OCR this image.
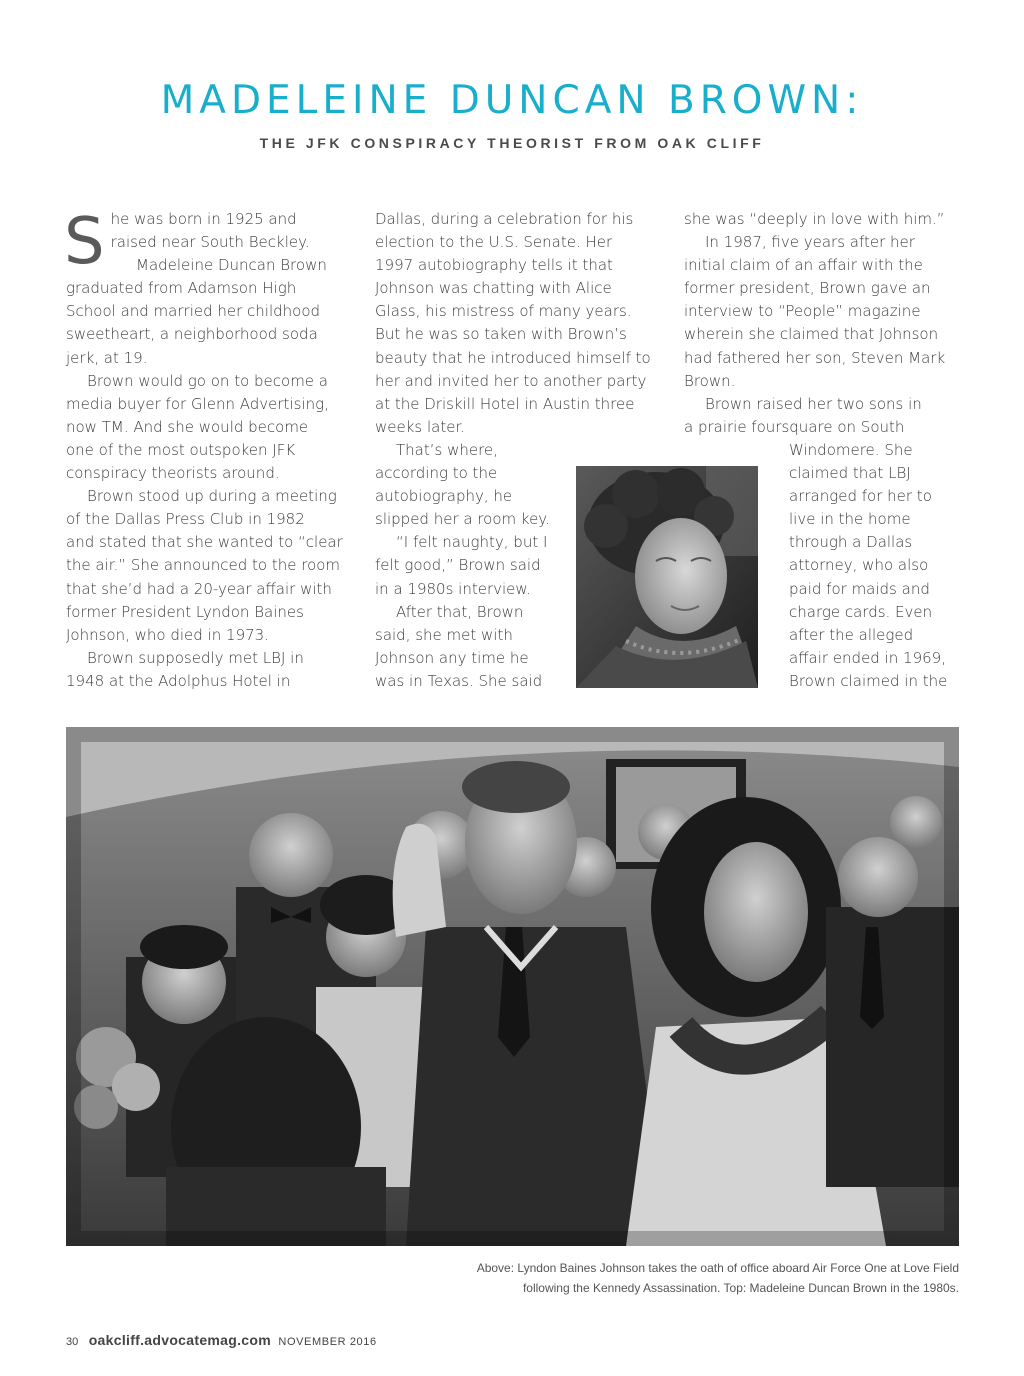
MADELEINE DUNCAN BROWN:
THE JFK CONSPIRACY THEORIST FROM OAK CLIFF
S he was born in 1925 and
raised near South Beckley.
Madeleine Duncan Brown
graduated from Adamson High
School and married her childhood
sweetheart, a neighborhood soda
jerk, at 19.
Brown would go on to become a
media buyer for Glenn Advertising,
now TM. And she would become
one of the most outspoken JFK
conspiracy theorists around.
Brown stood up during a meeting
of the Dallas Press Club in 1982
and stated that she wanted to “clear
the air.” She announced to the room
that she’d had a 20-year affair with
former President Lyndon Baines
Johnson, who died in 1973.
Brown supposedly met LBJ in
1948 at the Adolphus Hotel in
Dallas, during a celebration for his
election to the U.S. Senate. Her
1997 autobiography tells it that
Johnson was chatting with Alice
Glass, his mistress of many years.
But he was so taken with Brown’s
beauty that he introduced himself to
her and invited her to another party
at the Driskill Hotel in Austin three
weeks later.
That’s where,
according to the
autobiography, he
slipped her a room key.
“I felt naughty, but I
felt good,” Brown said
in a 1980s interview.
After that, Brown
said, she met with
Johnson any time he
was in Texas. She said
she was “deeply in love with him.”
In 1987, five years after her
initial claim of an affair with the
former president, Brown gave an
interview to “People” magazine
wherein she claimed that Johnson
had fathered her son, Steven Mark
Brown.
Brown raised her two sons in
a prairie foursquare on South
Windomere. She
claimed that LBJ
arranged for her to
live in the home
through a Dallas
attorney, who also
paid for maids and
charge cards. Even
after the alleged
affair ended in 1969,
Brown claimed in the
Above: Lyndon Baines Johnson takes the oath of office aboard Air Force One at Love Field
following the Kennedy Assassination. Top: Madeleine Duncan Brown in the 1980s.
30 oakcliff.advocatemag.com NOVEMBER 2016
